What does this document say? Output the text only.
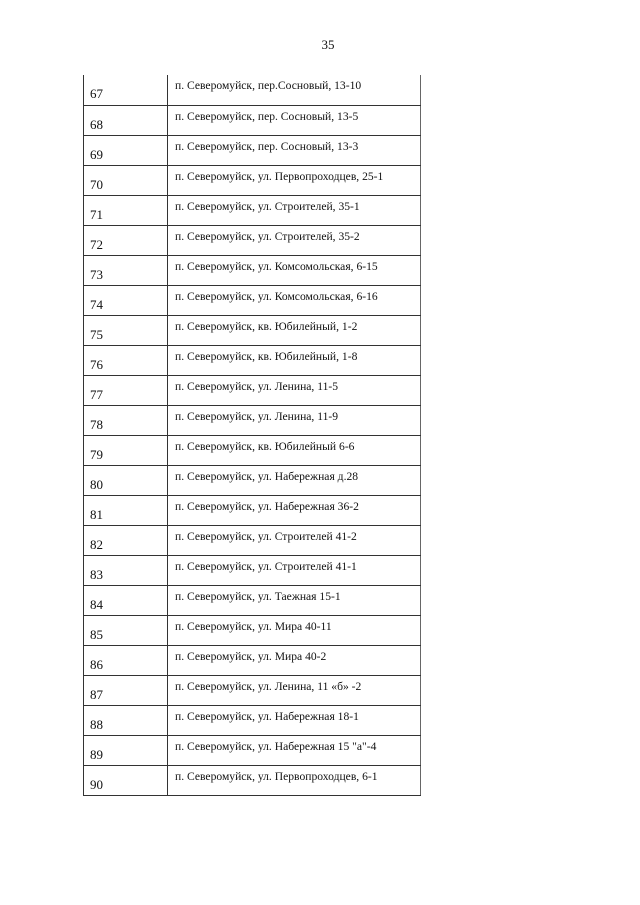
35
67	п. Северомуйск, пер.Сосновый, 13-10
68	п. Северомуйск, пер. Сосновый, 13-5
69	п. Северомуйск, пер. Сосновый, 13-3
70	п. Северомуйск, ул. Первопроходцев, 25-1
71	п. Северомуйск, ул. Строителей, 35-1
72	п. Северомуйск, ул. Строителей, 35-2
73	п. Северомуйск, ул. Комсомольская, 6-15
74	п. Северомуйск, ул. Комсомольская, 6-16
75	п. Северомуйск, кв. Юбилейный, 1-2
76	п. Северомуйск, кв. Юбилейный, 1-8
77	п. Северомуйск, ул. Ленина, 11-5
78	п. Северомуйск, ул. Ленина, 11-9
79	п. Северомуйск, кв. Юбилейный 6-6
80	п. Северомуйск, ул. Набережная д.28
81	п. Северомуйск, ул. Набережная 36-2
82	п. Северомуйск, ул. Строителей 41-2
83	п. Северомуйск, ул. Строителей 41-1
84	п. Северомуйск, ул. Таежная 15-1
85	п. Северомуйск, ул. Мира 40-11
86	п. Северомуйск, ул. Мира 40-2
87	п. Северомуйск, ул. Ленина, 11 «б» -2
88	п. Северомуйск, ул. Набережная 18-1
89	п. Северомуйск, ул. Набережная 15 "а"-4
90	п. Северомуйск, ул. Первопроходцев, 6-1
